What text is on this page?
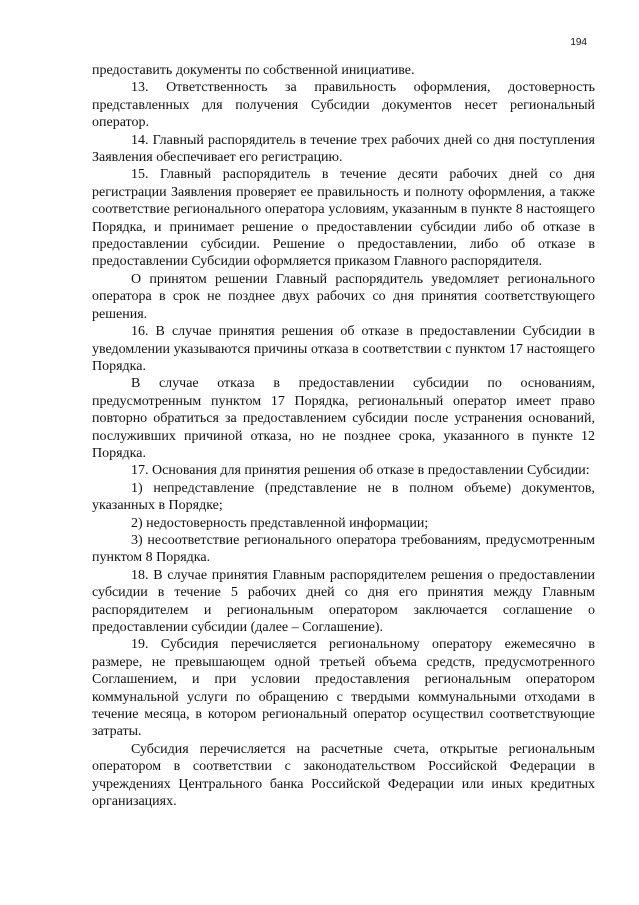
194

предоставить документы по собственной инициативе.

13. Ответственность за правильность оформления, достоверность представленных для получения Субсидии документов несет региональный оператор.

14. Главный распорядитель в течение трех рабочих дней со дня поступления Заявления обеспечивает его регистрацию.

15. Главный распорядитель в течение десяти рабочих дней со дня регистрации Заявления проверяет ее правильность и полноту оформления, а также соответствие регионального оператора условиям, указанным в пункте 8 настоящего Порядка, и принимает решение о предоставлении субсидии либо об отказе в предоставлении субсидии. Решение о предоставлении, либо об отказе в предоставлении Субсидии оформляется приказом Главного распорядителя.

О принятом решении Главный распорядитель уведомляет регионального оператора в срок не позднее двух рабочих со дня принятия соответствующего решения.

16. В случае принятия решения об отказе в предоставлении Субсидии в уведомлении указываются причины отказа в соответствии с пунктом 17 настоящего Порядка.

В случае отказа в предоставлении субсидии по основаниям, предусмотренным пунктом 17 Порядка, региональный оператор имеет право повторно обратиться за предоставлением субсидии после устранения оснований, послуживших причиной отказа, но не позднее срока, указанного в пункте 12 Порядка.

17. Основания для принятия решения об отказе в предоставлении Субсидии:

1) непредставление (представление не в полном объеме) документов, указанных в Порядке;

2) недостоверность представленной информации;

3) несоответствие регионального оператора требованиям, предусмотренным пунктом 8 Порядка.

18. В случае принятия Главным распорядителем решения о предоставлении субсидии в течение 5 рабочих дней со дня его принятия между Главным распорядителем и региональным оператором заключается соглашение о предоставлении субсидии (далее – Соглашение).

19. Субсидия перечисляется региональному оператору ежемесячно в размере, не превышающем одной третьей объема средств, предусмотренного Соглашением, и при условии предоставления региональным оператором коммунальной услуги по обращению с твердыми коммунальными отходами в течение месяца, в котором региональный оператор осуществил соответствующие затраты.

Субсидия перечисляется на расчетные счета, открытые региональным оператором в соответствии с законодательством Российской Федерации в учреждениях Центрального банка Российской Федерации или иных кредитных организациях.
